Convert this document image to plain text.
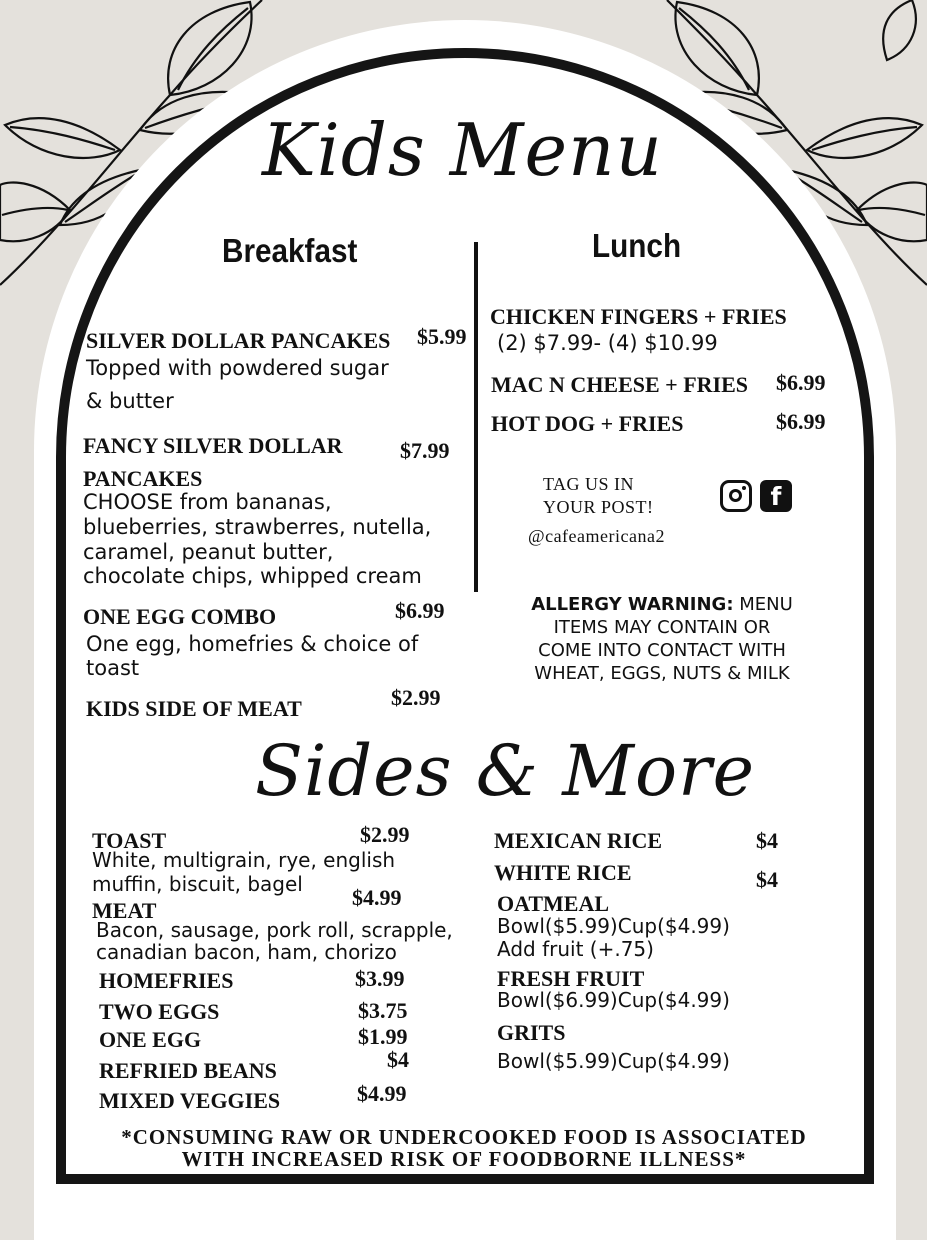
Kids Menu
Breakfast	Lunch
SILVER DOLLAR PANCAKES $5.99
Topped with powdered sugar
& butter
FANCY SILVER DOLLAR	$7.99
PANCAKES
CHOOSE from bananas,
blueberries, strawberres, nutella,
caramel, peanut butter,
chocolate chips, whipped cream
ONE EGG COMBO	$6.99
One egg, homefries & choice of
toast
KIDS SIDE OF MEAT	$2.99
CHICKEN FINGERS + FRIES
(2) $7.99- (4) $10.99
MAC N CHEESE + FRIES $6.99
HOT DOG + FRIES	$6.99
TAG US IN
YOUR POST!
@cafeamericana2
f
ALLERGY WARNING: MENU
ITEMS MAY CONTAIN OR
COME INTO CONTACT WITH
WHEAT, EGGS, NUTS & MILK
Sides & More
TOAST	$2.99
White, multigrain, rye, english
muffin, biscuit, bagel
MEAT
$4.99
Bacon, sausage, pork roll, scrapple,
canadian bacon, ham, chorizo
HOMEFRIES	$3.99
TWO EGGS	$3.75
ONE EGG	$1.99
REFRIED BEANS	$4
MIXED VEGGIES	$4.99
MEXICAN RICE	$4
WHITE RICE	$4
OATMEAL
Bowl($5.99)Cup($4.99)
Add fruit (+.75)
FRESH FRUIT
Bowl($6.99)Cup($4.99)
GRITS
Bowl($5.99)Cup($4.99)
*CONSUMING RAW OR UNDERCOOKED FOOD IS ASSOCIATED
WITH INCREASED RISK OF FOODBORNE ILLNESS*
